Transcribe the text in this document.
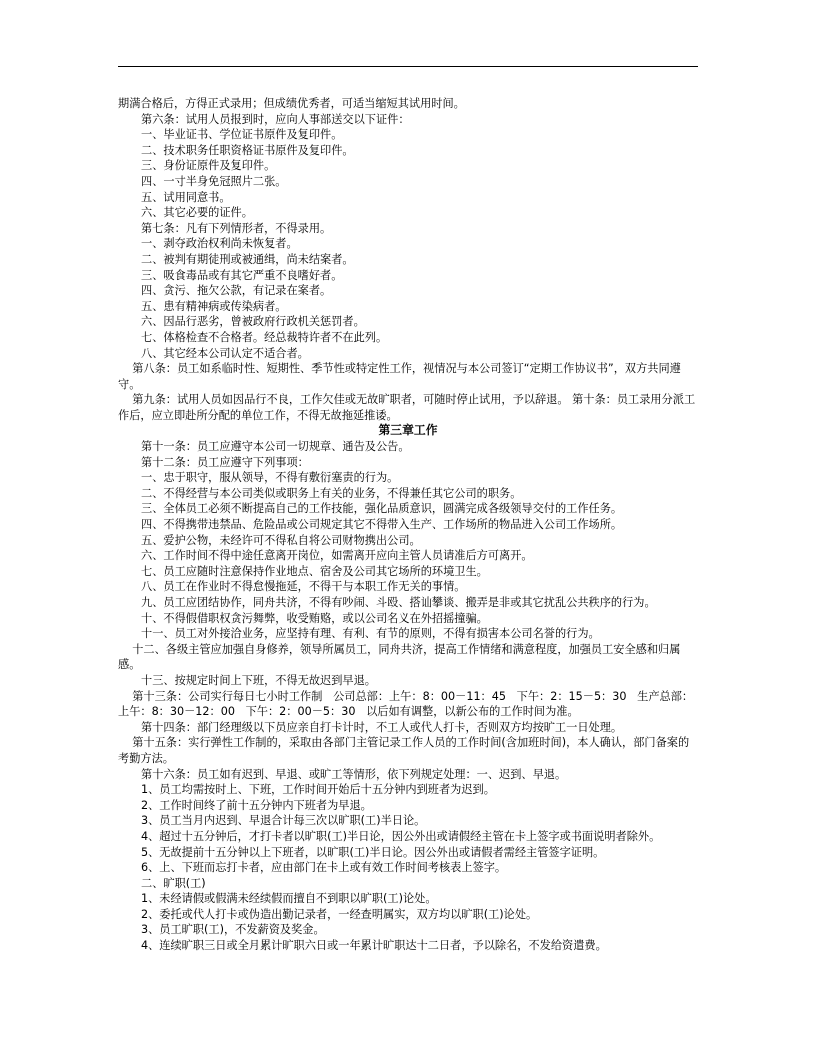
期满合格后，方得正式录用；但成绩优秀者，可适当缩短其试用时间。
第六条：试用人员报到时，应向人事部送交以下证件：
一、毕业证书、学位证书原件及复印件。
二、技术职务任职资格证书原件及复印件。
三、身份证原件及复印件。
四、一寸半身免冠照片二张。
五、试用同意书。
六、其它必要的证件。
第七条：凡有下列情形者，不得录用。
一、剥夺政治权利尚未恢复者。
二、被判有期徒刑或被通缉，尚未结案者。
三、吸食毒品或有其它严重不良嗜好者。
四、贪污、拖欠公款，有记录在案者。
五、患有精神病或传染病者。
六、因品行恶劣，曾被政府行政机关惩罚者。
七、体格检查不合格者。经总裁特许者不在此列。
八、其它经本公司认定不适合者。
第八条：员工如系临时性、短期性、季节性或特定性工作，视情况与本公司签订“定期工作协议书”，双方共同遵守。
第九条：试用人员如因品行不良，工作欠佳或无故旷职者，可随时停止试用，予以辞退。 第十条：员工录用分派工作后，应立即赴所分配的单位工作，不得无故拖延推诿。
第三章工作
第十一条：员工应遵守本公司一切规章、通告及公告。
第十二条：员工应遵守下列事项：
一、忠于职守，服从领导，不得有敷衍塞责的行为。
二、不得经营与本公司类似或职务上有关的业务，不得兼任其它公司的职务。
三、全体员工必须不断提高自己的工作技能，强化品质意识，圆满完成各级领导交付的工作任务。
四、不得携带违禁品、危险品或公司规定其它不得带入生产、工作场所的物品进入公司工作场所。
五、爱护公物，未经许可不得私自将公司财物携出公司。
六、工作时间不得中途任意离开岗位，如需离开应向主管人员请准后方可离开。
七、员工应随时注意保持作业地点、宿舍及公司其它场所的环境卫生。
八、员工在作业时不得怠慢拖延，不得干与本职工作无关的事情。
九、员工应团结协作，同舟共济，不得有吵闹、斗殴、搭讪攀谈、搬弄是非或其它扰乱公共秩序的行为。
十、不得假借职权贪污舞弊，收受贿赂，或以公司名义在外招摇撞骗。
十一、员工对外接洽业务，应坚持有理、有利、有节的原则，不得有损害本公司名誉的行为。
十二、各级主管应加强自身修养，领导所属员工，同舟共济，提高工作情绪和满意程度，加强员工安全感和归属感。
十三、按规定时间上下班，不得无故迟到早退。
第十三条：公司实行每日七小时工作制   公司总部：上午：8：00－11：45   下午：2：15－5：30   生产总部：上午：8：30－12：00   下午：2：00－5：30   以后如有调整，以新公布的工作时间为准。
第十四条：部门经理级以下员应亲自打卡计时，不工人或代人打卡，否则双方均按旷工一日处理。
第十五条：实行弹性工作制的，采取由各部门主管记录工作人员的工作时间(含加班时间)，本人确认，部门备案的考勤方法。
第十六条：员工如有迟到、早退、或旷工等情形，依下列规定处理：一、迟到、早退。
1、员工均需按时上、下班，工作时间开始后十五分钟内到班者为迟到。
2、工作时间终了前十五分钟内下班者为早退。
3、员工当月内迟到、早退合计每三次以旷职(工)半日论。
4、超过十五分钟后，才打卡者以旷职(工)半日论，因公外出或请假经主管在卡上签字或书面说明者除外。
5、无故提前十五分钟以上下班者，以旷职(工)半日论。因公外出或请假者需经主管签字证明。
6、上、下班而忘打卡者，应由部门在卡上或有效工作时间考核表上签字。
二、旷职(工)
1、未经请假或假满未经续假而擅自不到职以旷职(工)论处。
2、委托或代人打卡或伪造出勤记录者，一经查明属实，双方均以旷职(工)论处。
3、员工旷职(工)，不发薪资及奖金。
4、连续旷职三日或全月累计旷职六日或一年累计旷职达十二日者，予以除名，不发给资遣费。
